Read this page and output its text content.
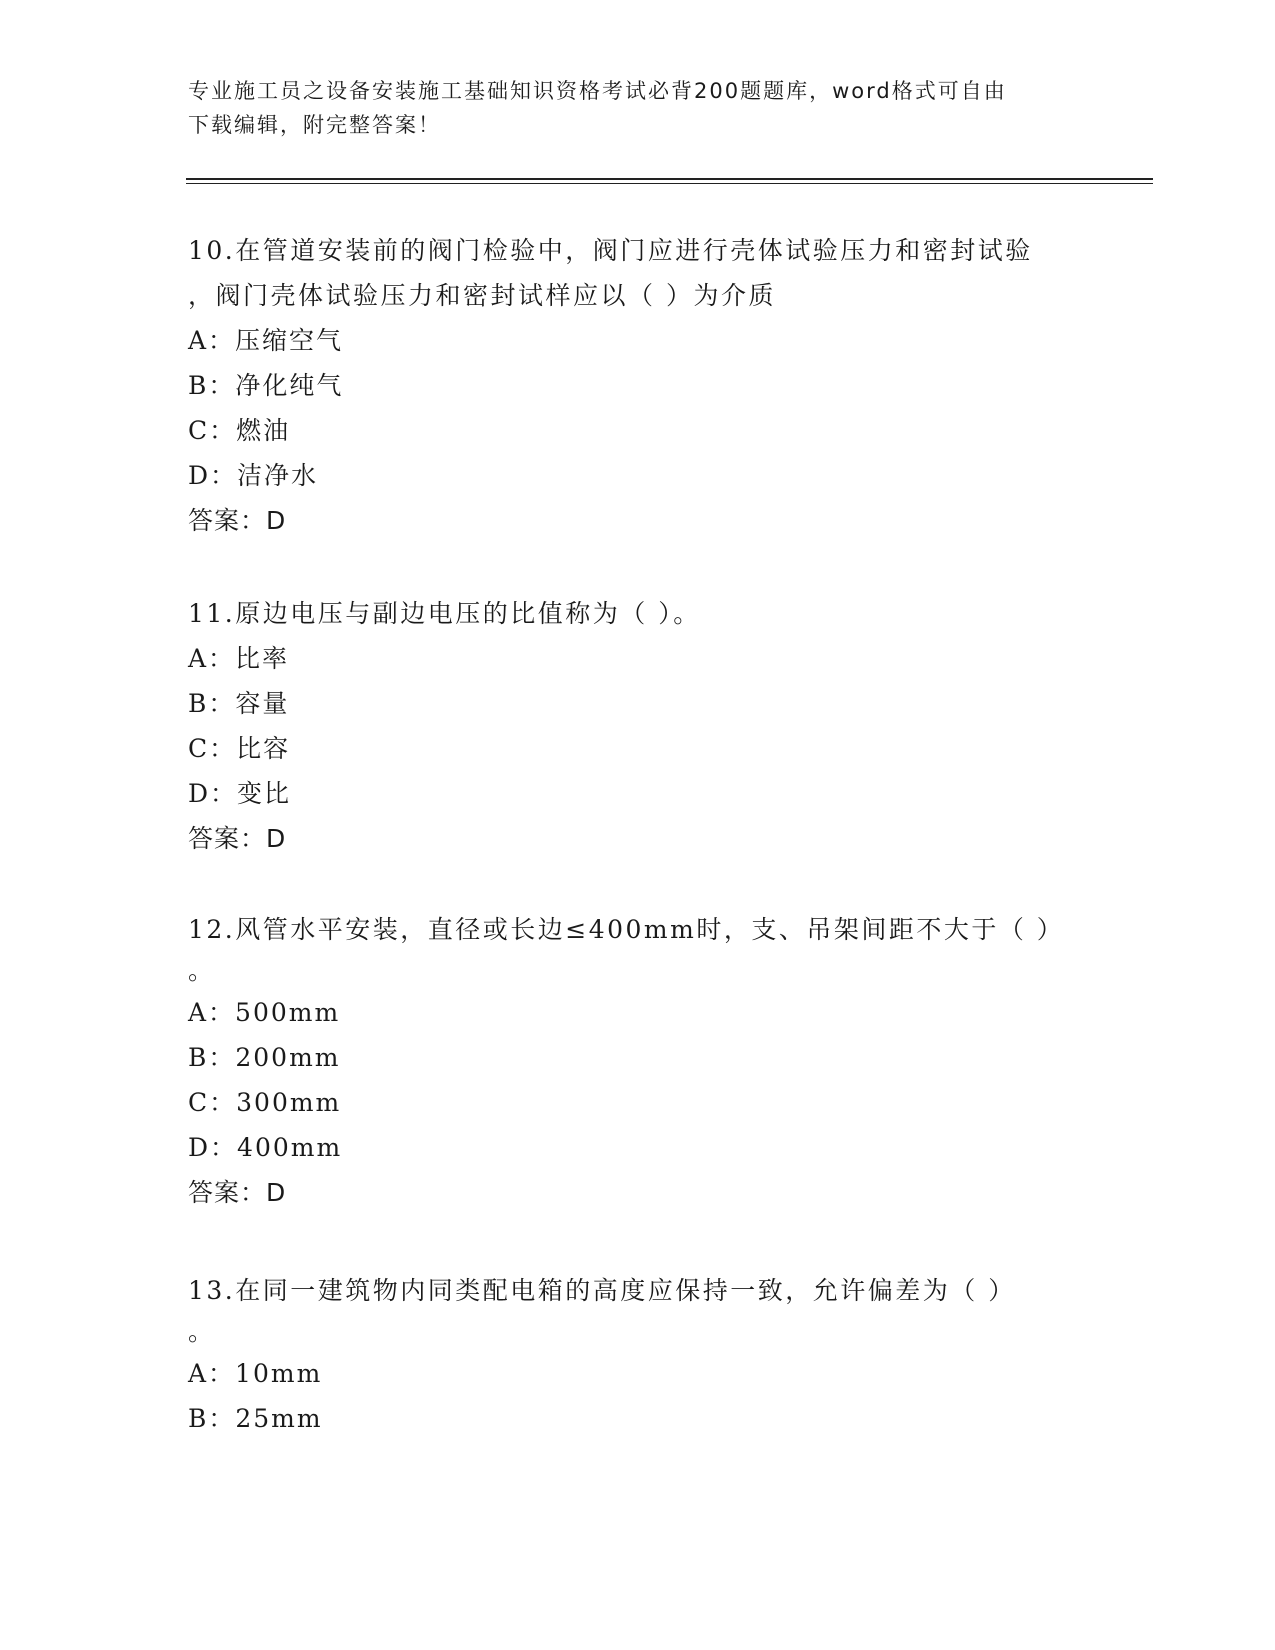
专业施工员之设备安装施工基础知识资格考试必背200题题库，word格式可自由
下载编辑，附完整答案！

10.在管道安装前的阀门检验中，阀门应进行壳体试验压力和密封试验

，阀门壳体试验压力和密封试样应以（ ）为介质

A：压缩空气

B：净化纯气

C：燃油

D：洁净水

答案：D

11.原边电压与副边电压的比值称为（ ）。

A：比率

B：容量

C：比容

D：变比

答案：D

12.风管水平安装，直径或长边≤400mm时，支、吊架间距不大于（ ）

。

A：500mm

B：200mm

C：300mm

D：400mm

答案：D

13.在同一建筑物内同类配电箱的高度应保持一致，允许偏差为（ ）

。

A：10mm

B：25mm
